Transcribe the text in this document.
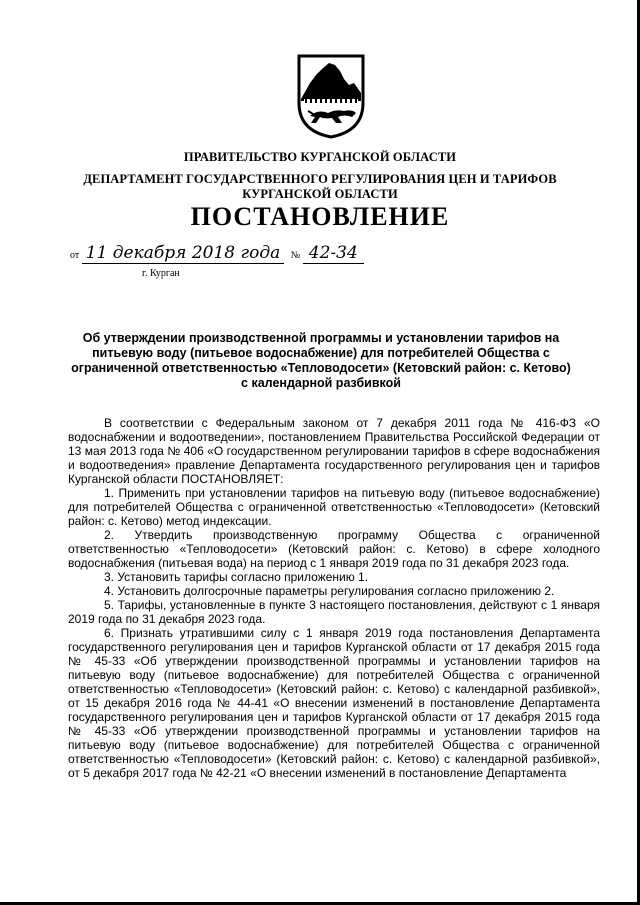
ПРАВИТЕЛЬСТВО КУРГАНСКОЙ ОБЛАСТИ
ДЕПАРТАМЕНТ ГОСУДАРСТВЕННОГО РЕГУЛИРОВАНИЯ ЦЕН И ТАРИФОВ
КУРГАНСКОЙ ОБЛАСТИ
ПОСТАНОВЛЕНИЕ
от 11 декабря 2018 года № 42-34
г. Курган
Об утверждении производственной программы и установлении тарифов на питьевую воду (питьевое водоснабжение) для потребителей Общества с ограниченной ответственностью «Тепловодосети» (Кетовский район: с. Кетово) с календарной разбивкой

В соответствии с Федеральным законом от 7 декабря 2011 года № 416-ФЗ «О водоснабжении и водоотведении», постановлением Правительства Российской Федерации от 13 мая 2013 года № 406 «О государственном регулировании тарифов в сфере водоснабжения и водоотведения» правление Департамента государственного регулирования цен и тарифов Курганской области ПОСТАНОВЛЯЕТ:

1. Применить при установлении тарифов на питьевую воду (питьевое водоснабжение) для потребителей Общества с ограниченной ответственностью «Тепловодосети» (Кетовский район: с. Кетово) метод индексации.

2. Утвердить производственную программу Общества с ограниченной ответственностью «Тепловодосети» (Кетовский район: с. Кетово) в сфере холодного водоснабжения (питьевая вода) на период с 1 января 2019 года по 31 декабря 2023 года.

3. Установить тарифы согласно приложению 1.

4. Установить долгосрочные параметры регулирования согласно приложению 2.

5. Тарифы, установленные в пункте 3 настоящего постановления, действуют с 1 января 2019 года по 31 декабря 2023 года.

6. Признать утратившими силу с 1 января 2019 года постановления Департамента государственного регулирования цен и тарифов Курганской области от 17 декабря 2015 года № 45-33 «Об утверждении производственной программы и установлении тарифов на питьевую воду (питьевое водоснабжение) для потребителей Общества с ограниченной ответственностью «Тепловодосети» (Кетовский район: с. Кетово) с календарной разбивкой», от 15 декабря 2016 года № 44-41 «О внесении изменений в постановление Департамента государственного регулирования цен и тарифов Курганской области от 17 декабря 2015 года № 45-33 «Об утверждении производственной программы и установлении тарифов на питьевую воду (питьевое водоснабжение) для потребителей Общества с ограниченной ответственностью «Тепловодосети» (Кетовский район: с. Кетово) с календарной разбивкой», от 5 декабря 2017 года № 42-21 «О внесении изменений в постановление Департамента
